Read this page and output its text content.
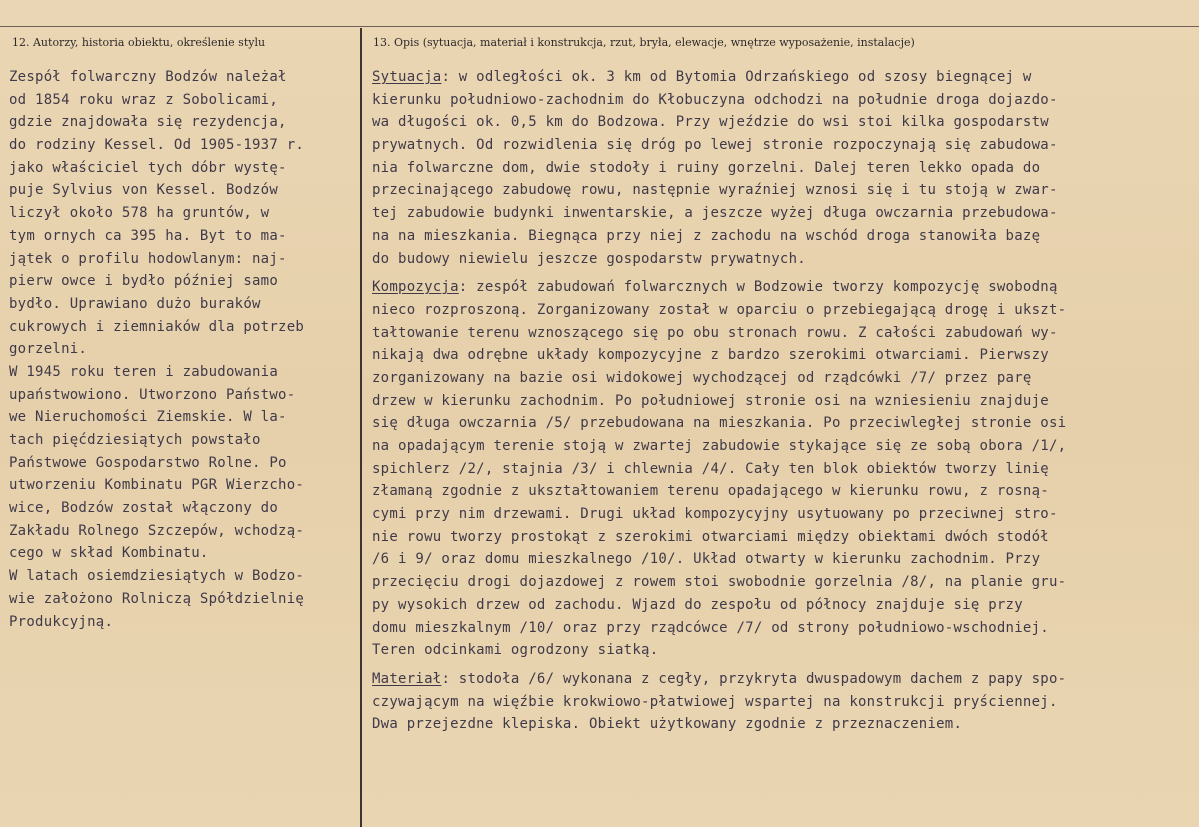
12. Autorzy, historia obiektu, określenie stylu	13. Opis (sytuacja, materiał i konstrukcja, rzut, bryła, elewacje, wnętrze wyposażenie, instalacje)
Zespół folwarczny Bodzów należał
od 1854 roku wraz z Sobolicami,
gdzie znajdowała się rezydencja,
do rodziny Kessel. Od 1905-1937 r.
jako właściciel tych dóbr wystę-
puje Sylvius von Kessel. Bodzów
liczył około 578 ha gruntów, w
tym ornych ca 395 ha. Byt to ma-
jątek o profilu hodowlanym: naj-
pierw owce i bydło później samo
bydło. Uprawiano dużo buraków
cukrowych i ziemniaków dla potrzeb
gorzelni.
W 1945 roku teren i zabudowania
upaństwowiono. Utworzono Państwo-
we Nieruchomości Ziemskie. W la-
tach pięćdziesiątych powstało
Państwowe Gospodarstwo Rolne. Po
utworzeniu Kombinatu PGR Wierzcho-
wice, Bodzów został włączony do
Zakładu Rolnego Szczepów, wchodzą-
cego w skład Kombinatu.
W latach osiemdziesiątych w Bodzo-
wie założono Rolniczą Spółdzielnię
Produkcyjną.
Sytuacja: w odległości ok. 3 km od Bytomia Odrzańskiego od szosy biegnącej w
kierunku południowo-zachodnim do Kłobuczyna odchodzi na południe droga dojazdo-
wa długości ok. 0,5 km do Bodzowa. Przy wjeździe do wsi stoi kilka gospodarstw
prywatnych. Od rozwidlenia się dróg po lewej stronie rozpoczynają się zabudowa-
nia folwarczne dom, dwie stodoły i ruiny gorzelni. Dalej teren lekko opada do
przecinającego zabudowę rowu, następnie wyraźniej wznosi się i tu stoją w zwar-
tej zabudowie budynki inwentarskie, a jeszcze wyżej długa owczarnia przebudowa-
na na mieszkania. Biegnąca przy niej z zachodu na wschód droga stanowiła bazę
do budowy niewielu jeszcze gospodarstw prywatnych.
Kompozycja: zespół zabudowań folwarcznych w Bodzowie tworzy kompozycję swobodną
nieco rozproszoną. Zorganizowany został w oparciu o przebiegającą drogę i ukszt-
tałtowanie terenu wznoszącego się po obu stronach rowu. Z całości zabudowań wy-
nikają dwa odrębne układy kompozycyjne z bardzo szerokimi otwarciami. Pierwszy
zorganizowany na bazie osi widokowej wychodzącej od rządcówki /7/ przez parę
drzew w kierunku zachodnim. Po południowej stronie osi na wzniesieniu znajduje
się długa owczarnia /5/ przebudowana na mieszkania. Po przeciwległej stronie osi
na opadającym terenie stoją w zwartej zabudowie stykające się ze sobą obora /1/,
spichlerz /2/, stajnia /3/ i chlewnia /4/. Cały ten blok obiektów tworzy linię
złamaną zgodnie z ukształtowaniem terenu opadającego w kierunku rowu, z rosną-
cymi przy nim drzewami. Drugi układ kompozycyjny usytuowany po przeciwnej stro-
nie rowu tworzy prostokąt z szerokimi otwarciami między obiektami dwóch stodół
/6 i 9/ oraz domu mieszkalnego /10/. Układ otwarty w kierunku zachodnim. Przy
przecięciu drogi dojazdowej z rowem stoi swobodnie gorzelnia /8/, na planie gru-
py wysokich drzew od zachodu. Wjazd do zespołu od północy znajduje się przy
domu mieszkalnym /10/ oraz przy rządcówce /7/ od strony południowo-wschodniej.
Teren odcinkami ogrodzony siatką.
Materiał: stodoła /6/ wykonana z cegły, przykryta dwuspadowym dachem z papy spo-
czywającym na więźbie krokwiowo-płatwiowej wspartej na konstrukcji pryściennej.
Dwa przejezdne klepiska. Obiekt użytkowany zgodnie z przeznaczeniem.
